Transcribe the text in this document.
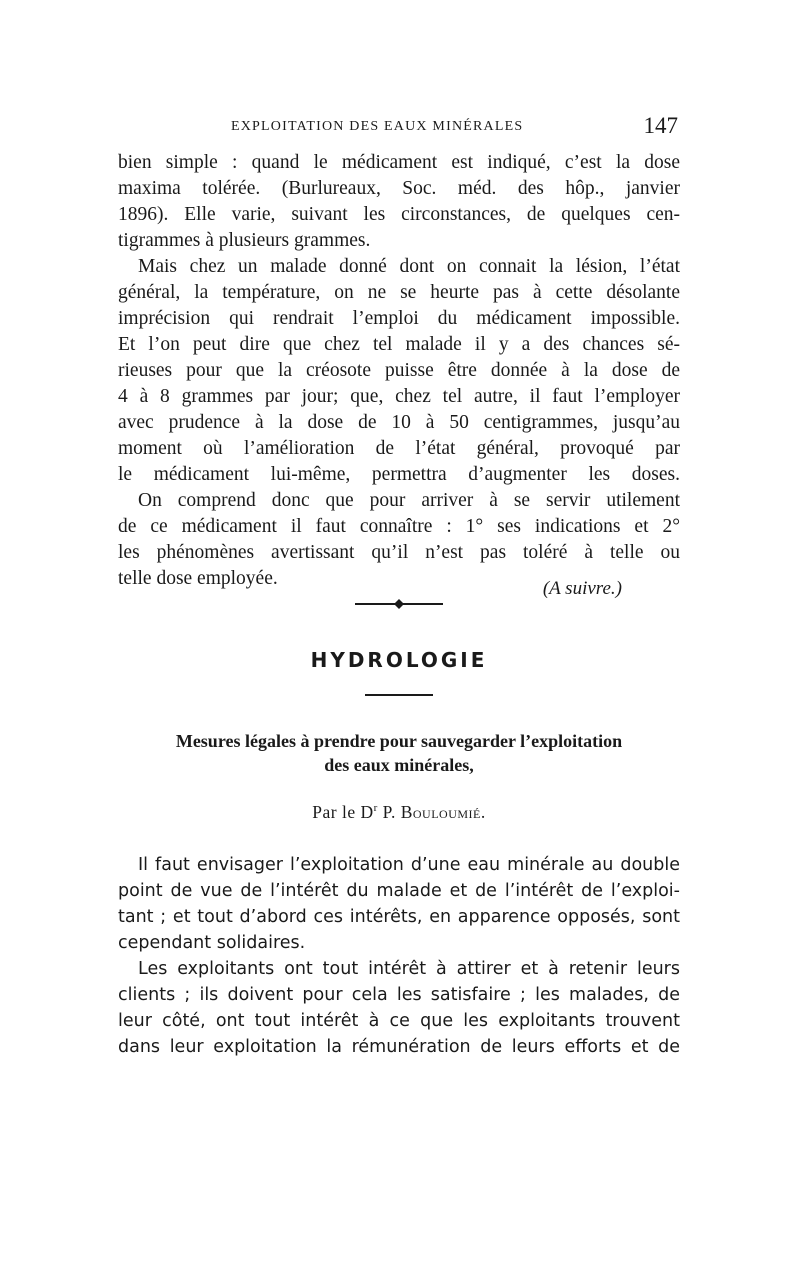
EXPLOITATION DES EAUX MINÉRALES	147
bien simple : quand le médicament est indiqué, c’est la dose
maxima tolérée. (Burlureaux, Soc. méd. des hôp., janvier
1896). Elle varie, suivant les circonstances, de quelques cen-
tigrammes à plusieurs grammes.
Mais chez un malade donné dont on connait la lésion, l’état
général, la température, on ne se heurte pas à cette désolante
imprécision qui rendrait l’emploi du médicament impossible.
Et l’on peut dire que chez tel malade il y a des chances sé-
rieuses pour que la créosote puisse être donnée à la dose de
4 à 8 grammes par jour; que, chez tel autre, il faut l’employer
avec prudence à la dose de 10 à 50 centigrammes, jusqu’au
moment où l’amélioration de l’état général, provoqué par
le médicament lui-même, permettra d’augmenter les doses.
On comprend donc que pour arriver à se servir utilement
de ce médicament il faut connaître : 1° ses indications et 2°
les phénomènes avertissant qu’il n’est pas toléré à telle ou
telle dose employée.	(A suivre.)
HYDROLOGIE
Mesures légales à prendre pour sauvegarder l’exploitation
des eaux minérales,
Par le $D^r$ P. Bouloumié.
Il faut envisager l’exploitation d’une eau minérale au double
point de vue de l’intérêt du malade et de l’intérêt de l’exploi-
tant ; et tout d’abord ces intérêts, en apparence opposés, sont
cependant solidaires.
Les exploitants ont tout intérêt à attirer et à retenir leurs
clients ; ils doivent pour cela les satisfaire ; les malades, de
leur côté, ont tout intérêt à ce que les exploitants trouvent
dans leur exploitation la rémunération de leurs efforts et de
